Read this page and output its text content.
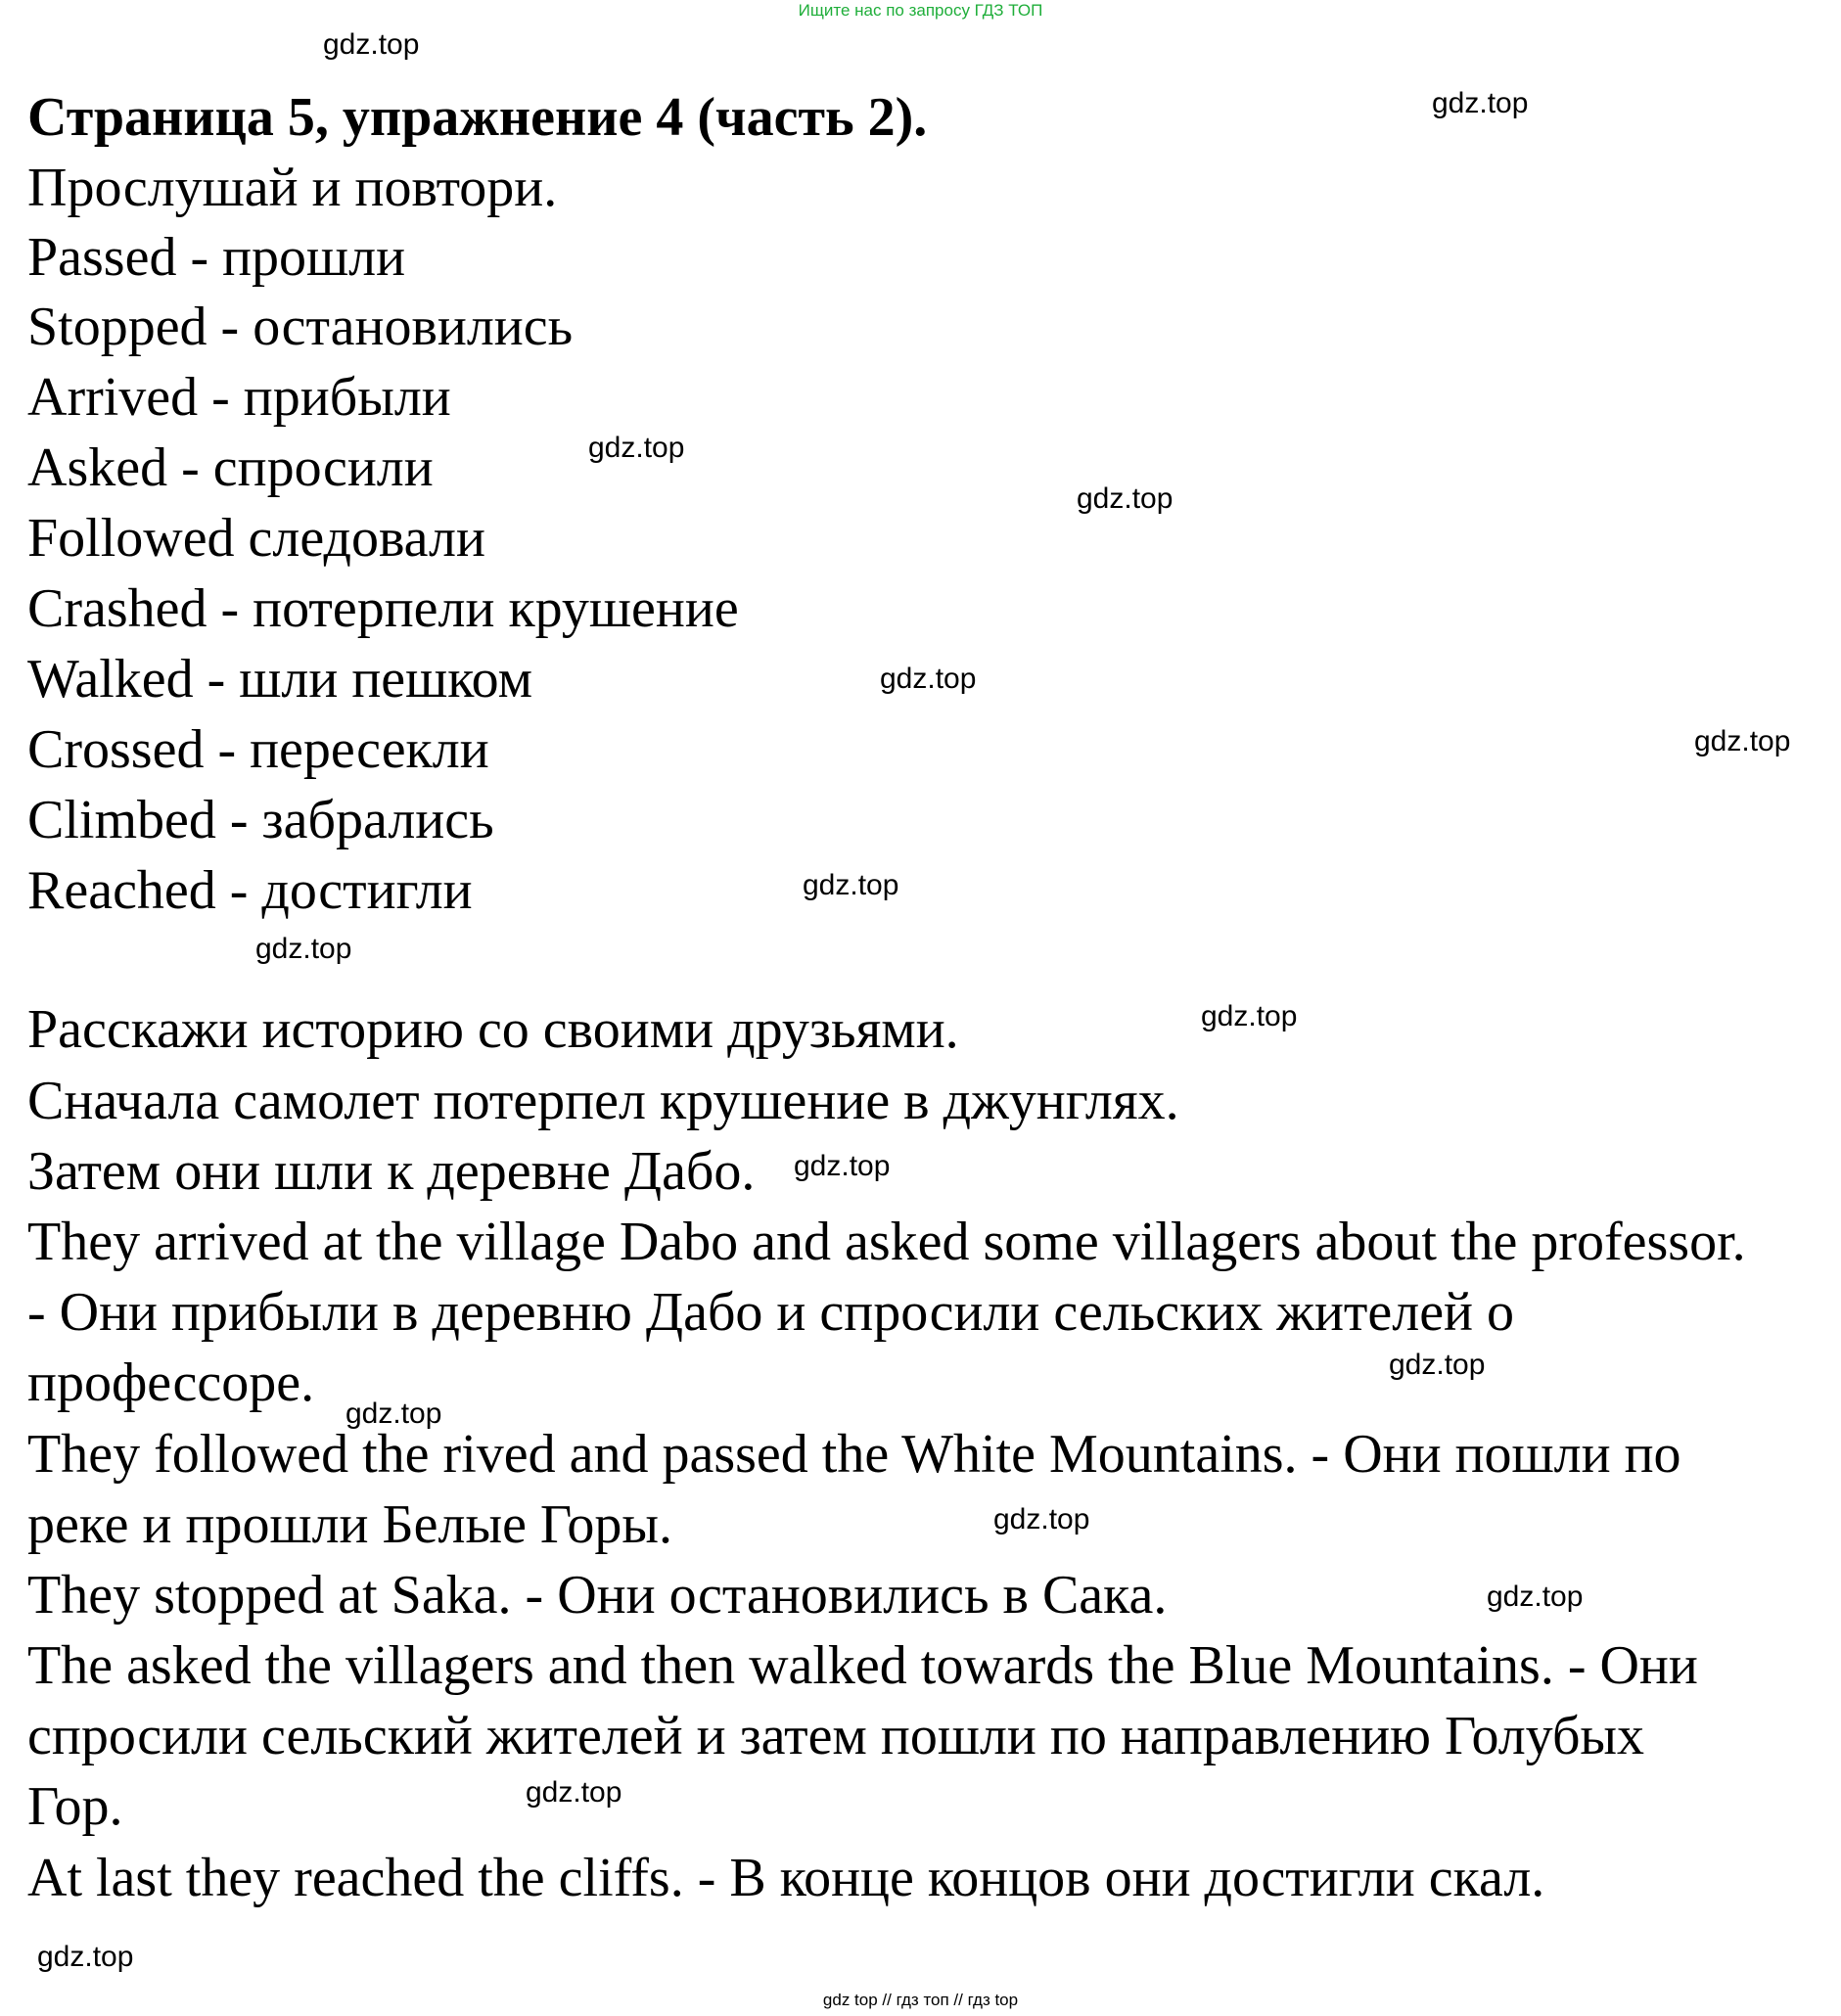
Ищите нас по запросу ГДЗ ТОП
Страница 5, упражнение 4 (часть 2).
Прослушай и повтори.
Passed - прошли
Stopped - остановились
Arrived - прибыли
Asked - спросили
Followed следовали
Crashed - потерпели крушение
Walked - шли пешком
Crossed - пересекли
Climbed - забрались
Reached - достигли
Расскажи историю со своими друзьями.
Сначала самолет потерпел крушение в джунглях.
Затем они шли к деревне Дабо.
They arrived at the village Dabo and asked some villagers about the professor.
- Они прибыли в деревню Дабо и спросили сельских жителей о
профессоре.
They followed the rived and passed the White Mountains. - Они пошли по
реке и прошли Белые Горы.
They stopped at Saka. - Они остановились в Сака.
The asked the villagers and then walked towards the Blue Mountains. - Они
спросили сельский жителей и затем пошли по направлению Голубых
Гор.
At last they reached the cliffs. - В конце концов они достигли скал.
gdz.top
gdz.top
gdz.top
gdz.top
gdz.top
gdz.top
gdz.top
gdz.top
gdz.top
gdz.top
gdz.top
gdz.top
gdz.top
gdz.top
gdz.top
gdz.top
gdz top // гдз топ // гдз top
